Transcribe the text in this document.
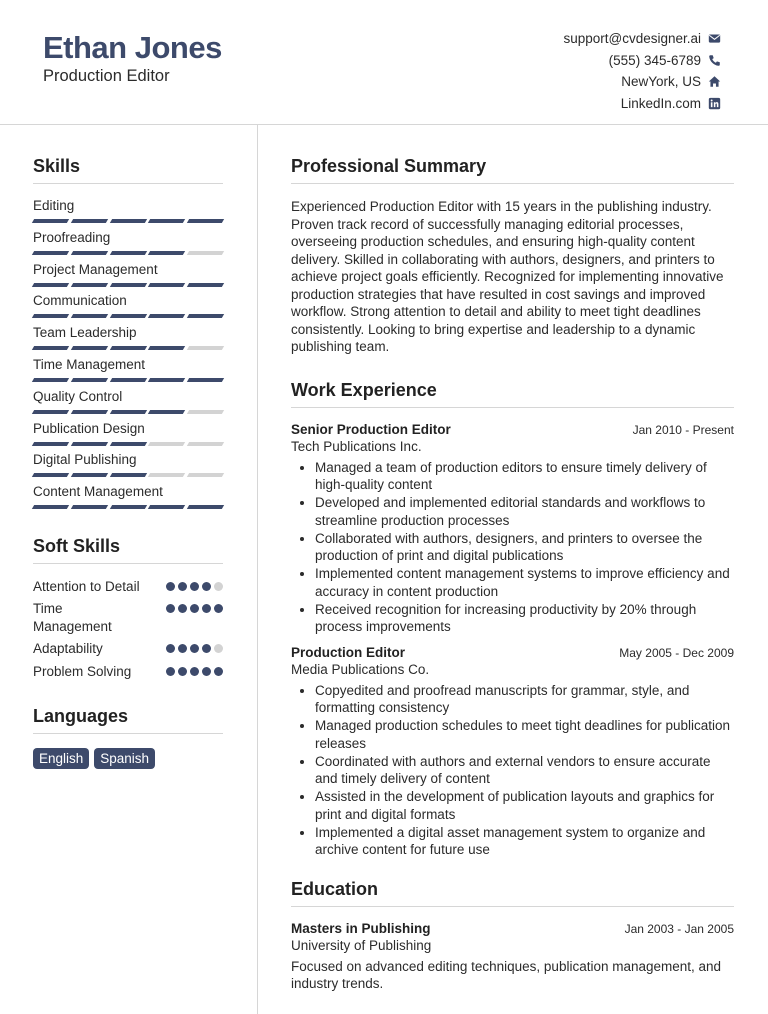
Ethan Jones
Production Editor
support@cvdesigner.ai
(555) 345-6789
NewYork, US
LinkedIn.com
Skills
Editing
Proofreading
Project Management
Communication
Team Leadership
Time Management
Quality Control
Publication Design
Digital Publishing
Content Management
Soft Skills
Attention to Detail
Time Management
Adaptability
Problem Solving
Languages
English	Spanish
Professional Summary
Experienced Production Editor with 15 years in the publishing industry. Proven track record of successfully managing editorial processes, overseeing production schedules, and ensuring high-quality content delivery. Skilled in collaborating with authors, designers, and printers to achieve project goals efficiently. Recognized for implementing innovative production strategies that have resulted in cost savings and improved workflow. Strong attention to detail and ability to meet tight deadlines consistently. Looking to bring expertise and leadership to a dynamic publishing team.
Work Experience
Senior Production Editor	Jan 2010 - Present
Tech Publications Inc.
• Managed a team of production editors to ensure timely delivery of high-quality content
• Developed and implemented editorial standards and workflows to streamline production processes
• Collaborated with authors, designers, and printers to oversee the production of print and digital publications
• Implemented content management systems to improve efficiency and accuracy in content production
• Received recognition for increasing productivity by 20% through process improvements
Production Editor	May 2005 - Dec 2009
Media Publications Co.
• Copyedited and proofread manuscripts for grammar, style, and formatting consistency
• Managed production schedules to meet tight deadlines for publication releases
• Coordinated with authors and external vendors to ensure accurate and timely delivery of content
• Assisted in the development of publication layouts and graphics for print and digital formats
• Implemented a digital asset management system to organize and archive content for future use
Education
Masters in Publishing	Jan 2003 - Jan 2005
University of Publishing
Focused on advanced editing techniques, publication management, and industry trends.
